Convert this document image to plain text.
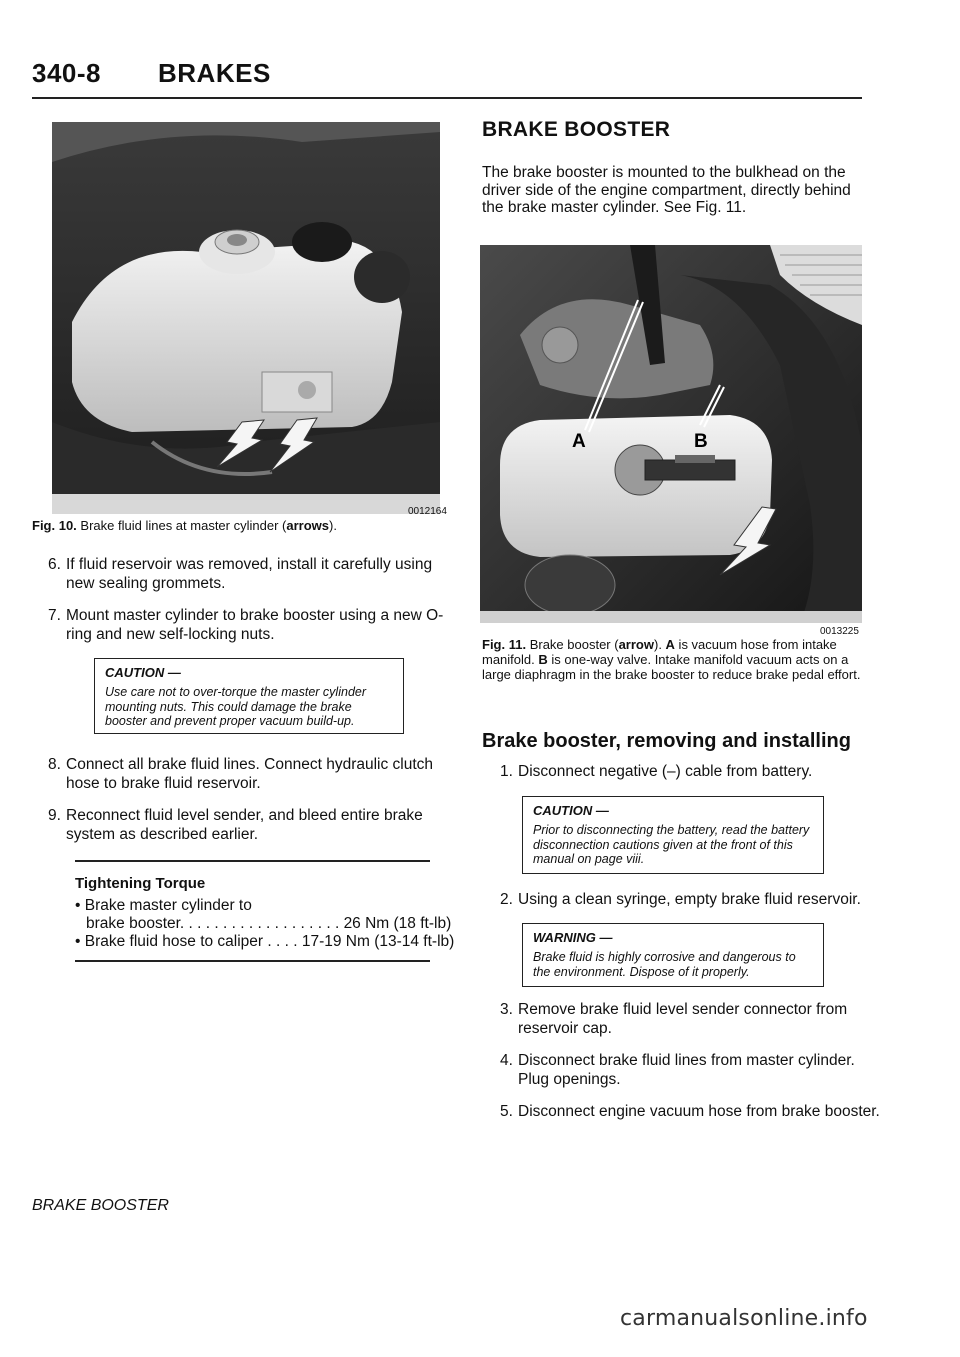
340-8 BRAKES
0012164
Fig. 10. Brake fluid lines at master cylinder (arrows).
6. If fluid reservoir was removed, install it carefully using new sealing grommets.
7. Mount master cylinder to brake booster using a new O-ring and new self-locking nuts.
CAUTION —
Use care not to over-torque the master cylinder mounting nuts. This could damage the brake booster and prevent proper vacuum build-up.
8. Connect all brake fluid lines. Connect hydraulic clutch hose to brake fluid reservoir.
9. Reconnect fluid level sender, and bleed entire brake system as described earlier.
Tightening Torque
• Brake master cylinder to
brake booster. . . . . . . . . . . . . . . . . . . 26 Nm (18 ft-lb)
• Brake fluid hose to caliper . . . . 17-19 Nm (13-14 ft-lb)
BRAKE BOOSTER
The brake booster is mounted to the bulkhead on the driver side of the engine compartment, directly behind the brake master cylinder. See Fig. 11.
A	B
0013225
Fig. 11. Brake booster (arrow). A is vacuum hose from intake manifold. B is one-way valve. Intake manifold vacuum acts on a large diaphragm in the brake booster to reduce brake pedal effort.
Brake booster, removing and installing
1. Disconnect negative (–) cable from battery.
CAUTION —
Prior to disconnecting the battery, read the battery disconnection cautions given at the front of this manual on page viii.
2. Using a clean syringe, empty brake fluid reservoir.
WARNING —
Brake fluid is highly corrosive and dangerous to the environment. Dispose of it properly.
3. Remove brake fluid level sender connector from reservoir cap.
4. Disconnect brake fluid lines from master cylinder. Plug openings.
5. Disconnect engine vacuum hose from brake booster.
BRAKE BOOSTER
carmanualsonline.info
